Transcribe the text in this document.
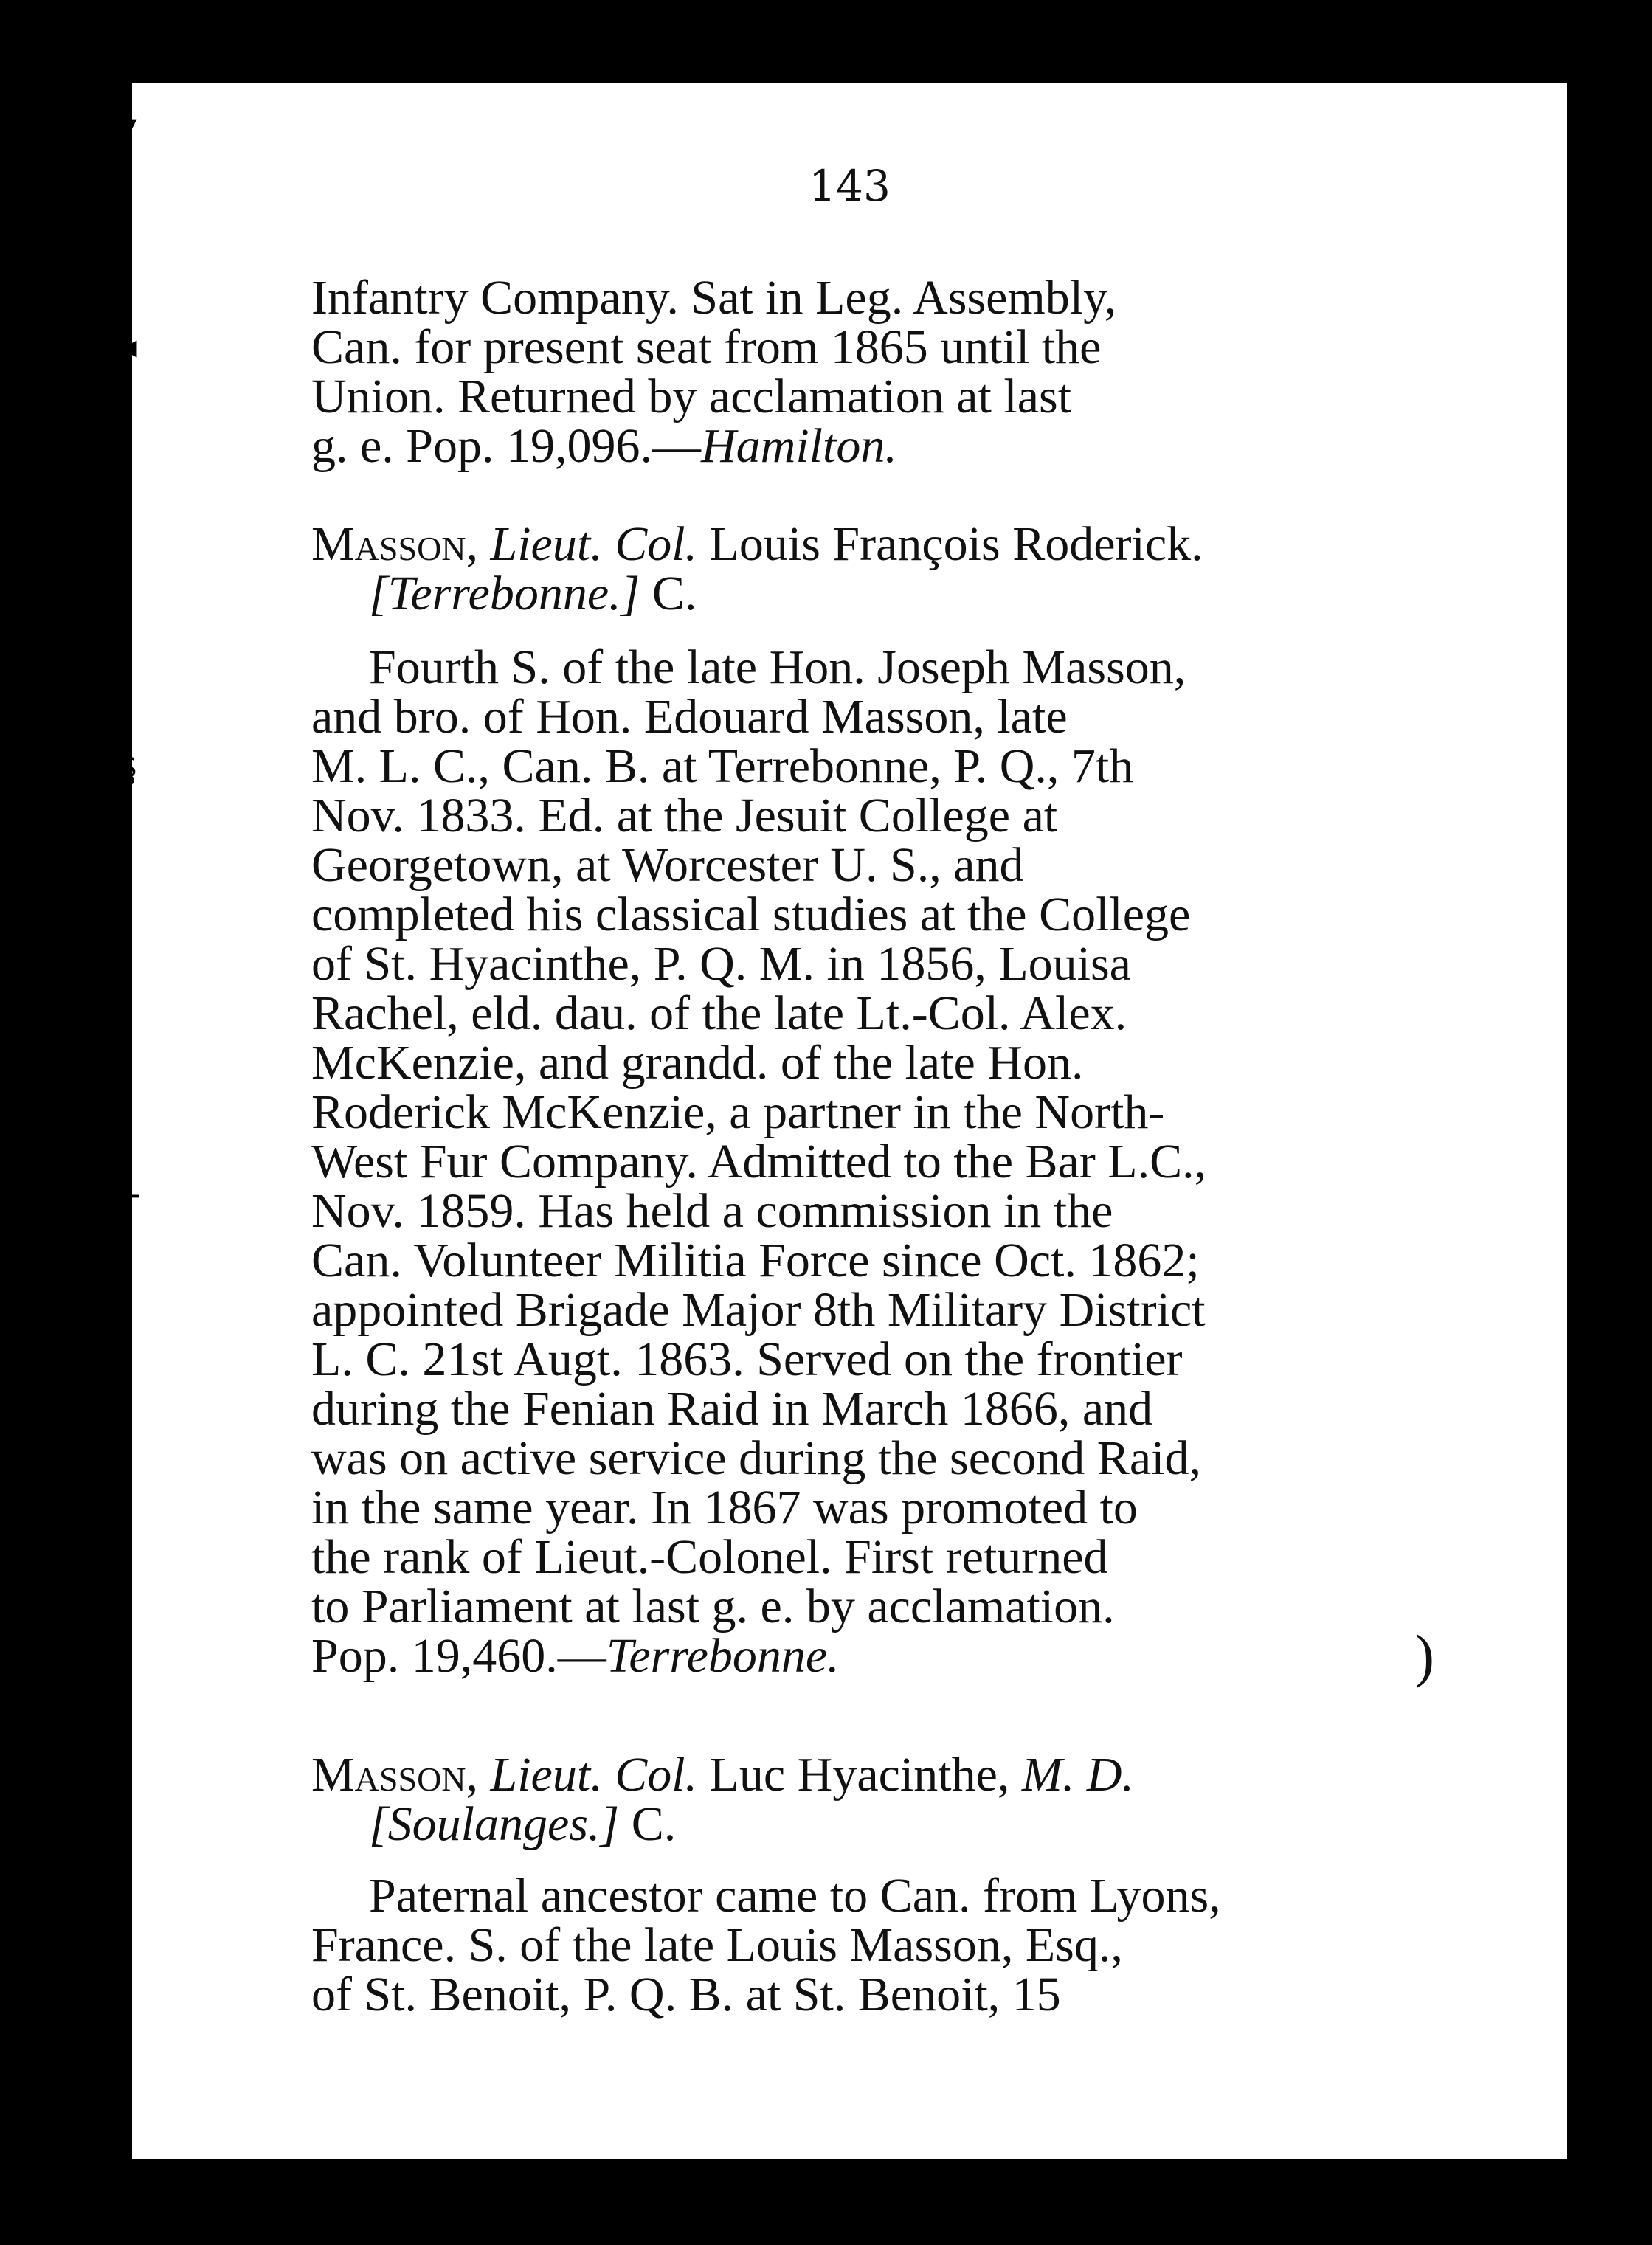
▾
◂
§
+
143
Infantry Company. Sat in Leg. Assembly,
Can. for present seat from 1865 until the
Union. Returned by acclamation at last
g. e. Pop. 19,096.—Hamilton.
Masson, Lieut. Col. Louis François Roderick.
[Terrebonne.] C.
Fourth S. of the late Hon. Joseph Masson,
and bro. of Hon. Edouard Masson, late
M. L. C., Can. B. at Terrebonne, P. Q., 7th
Nov. 1833. Ed. at the Jesuit College at
Georgetown, at Worcester U. S., and
completed his classical studies at the College
of St. Hyacinthe, P. Q. M. in 1856, Louisa
Rachel, eld. dau. of the late Lt.-Col. Alex.
McKenzie, and grandd. of the late Hon.
Roderick McKenzie, a partner in the North-
West Fur Company. Admitted to the Bar L.C.,
Nov. 1859. Has held a commission in the
Can. Volunteer Militia Force since Oct. 1862;
appointed Brigade Major 8th Military District
L. C. 21st Augt. 1863. Served on the frontier
during the Fenian Raid in March 1866, and
was on active service during the second Raid,
in the same year. In 1867 was promoted to
the rank of Lieut.-Colonel. First returned
to Parliament at last g. e. by acclamation.
Pop. 19,460.—Terrebonne.	)
Masson, Lieut. Col. Luc Hyacinthe, M. D.
[Soulanges.] C.
Paternal ancestor came to Can. from Lyons,
France. S. of the late Louis Masson, Esq.,
of St. Benoit, P. Q. B. at St. Benoit, 15
